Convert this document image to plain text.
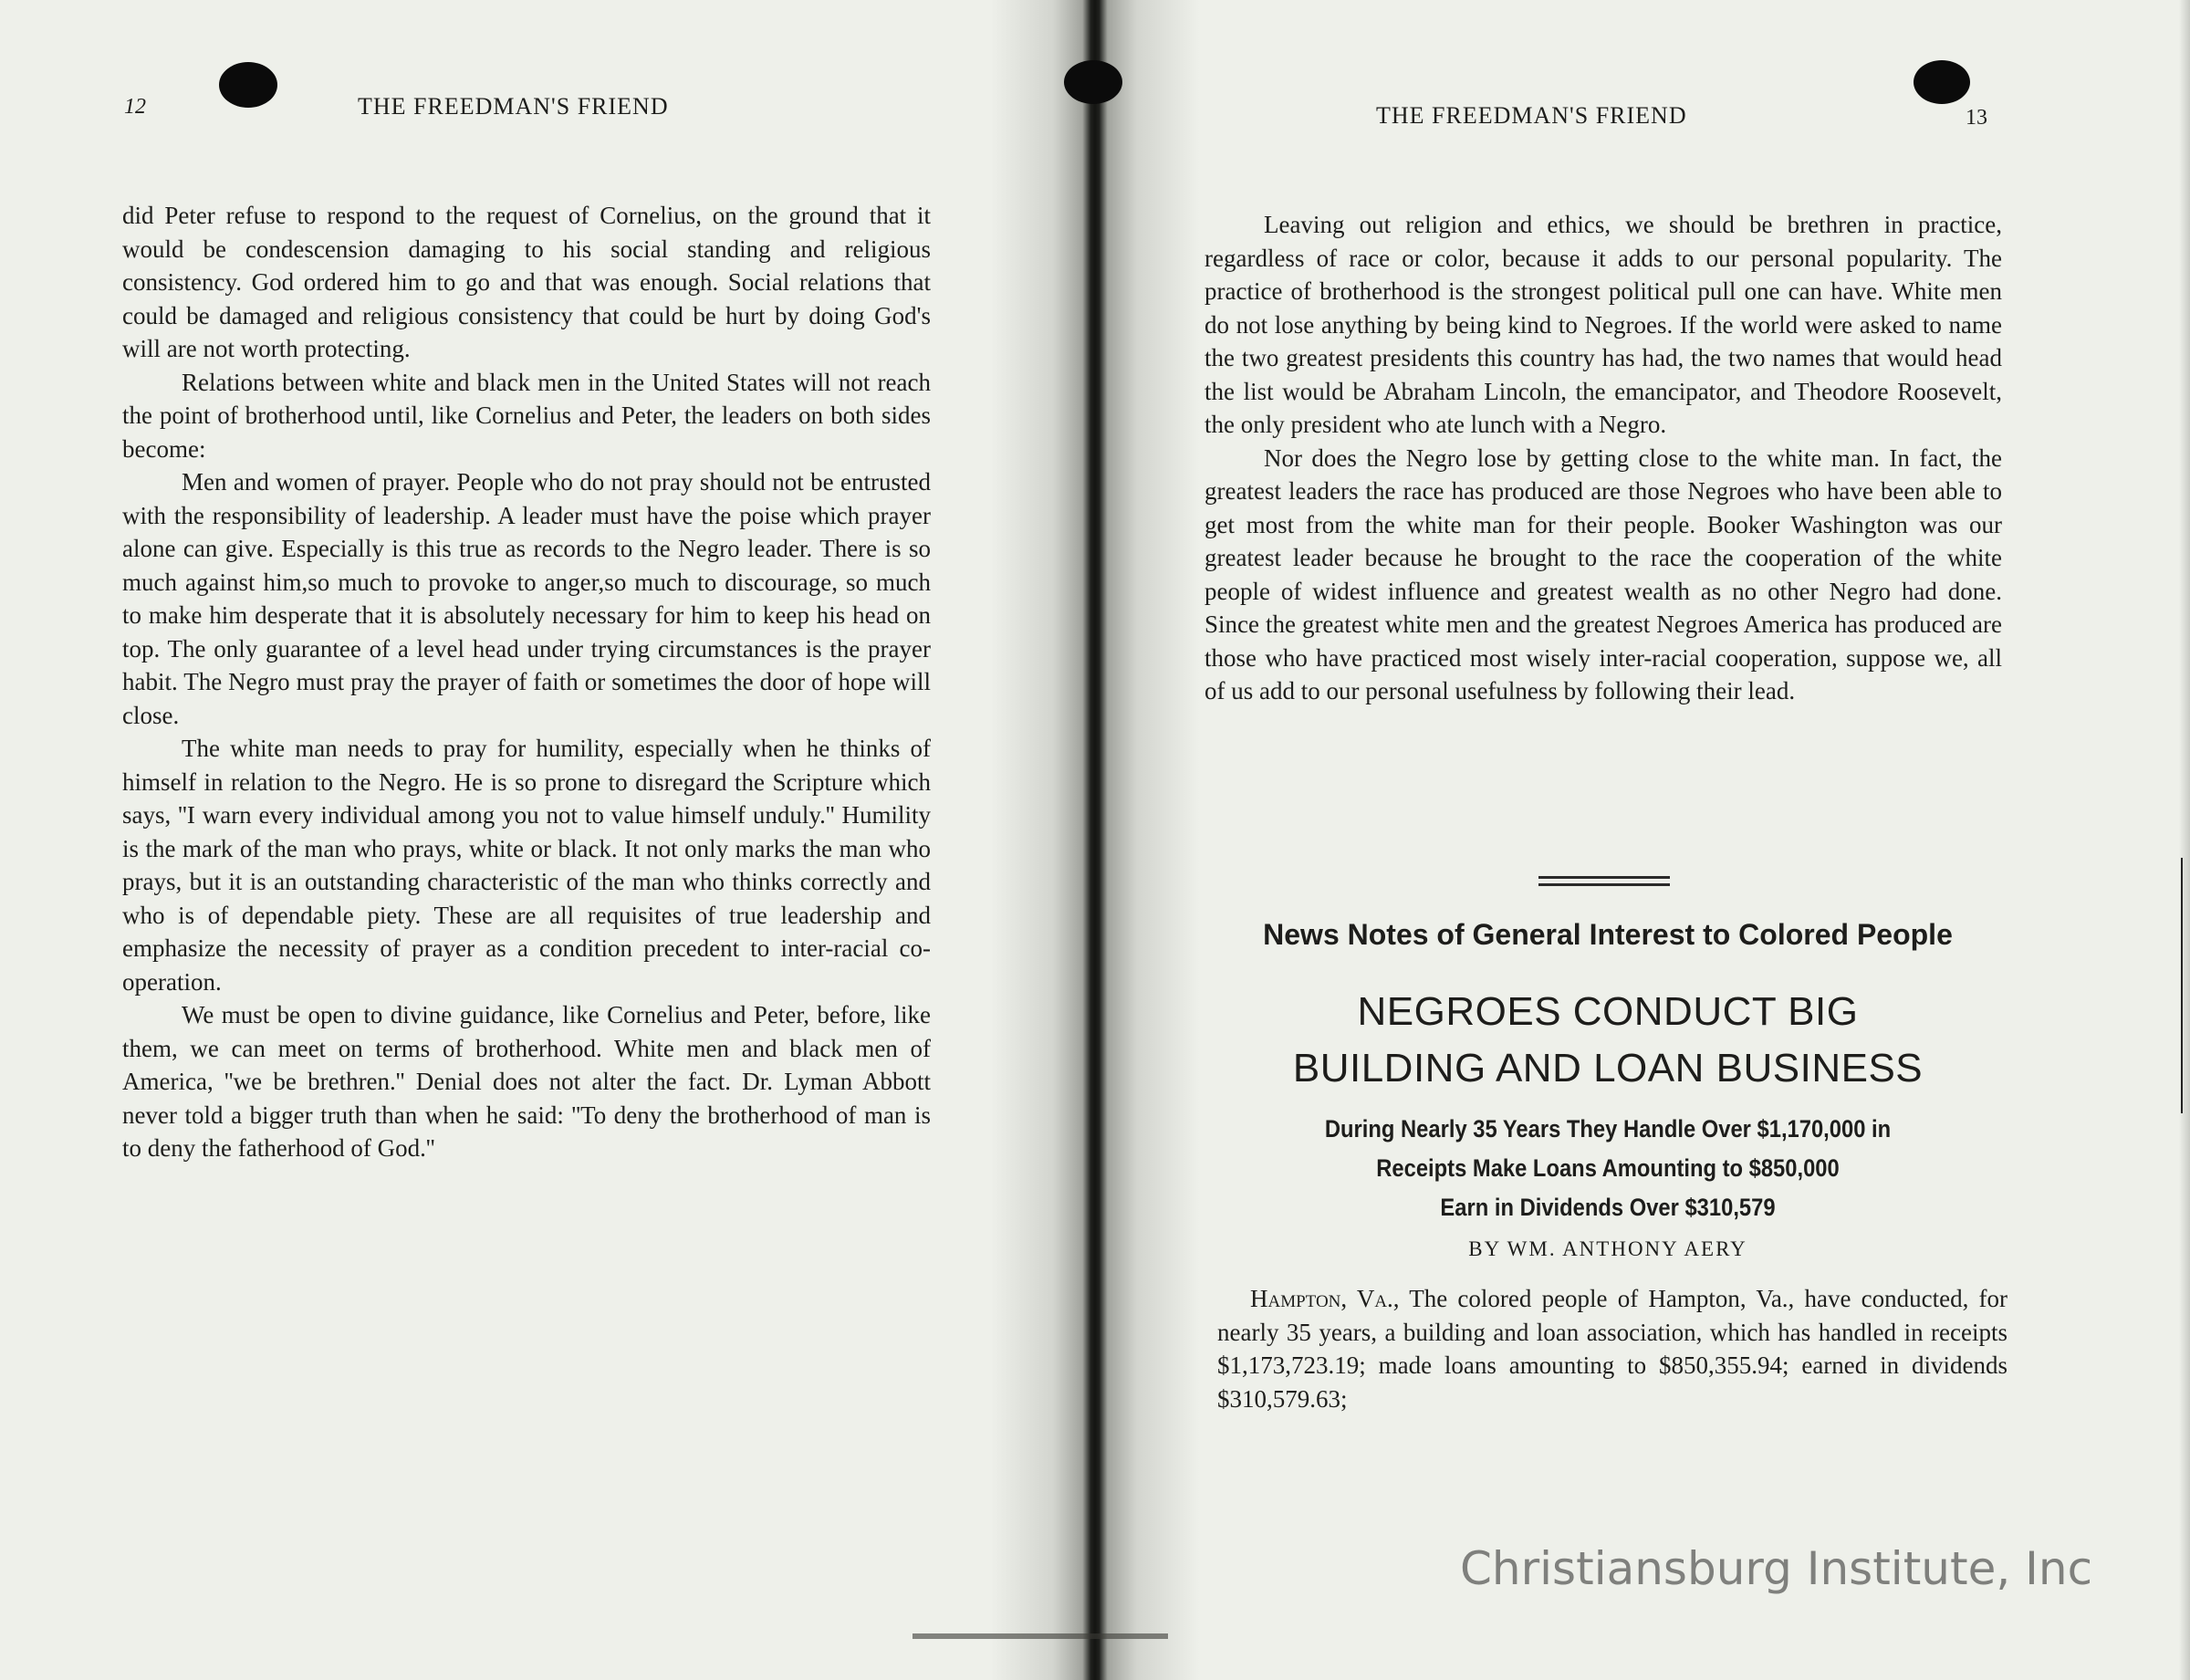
12	THE FREEDMAN'S FRIEND

did Peter refuse to respond to the request of Cornelius, on the ground that it would be condescension damaging to his social standing and religious consistency. God ordered him to go and that was enough. Social relations that could be damaged and religious consistency that could be hurt by doing God's will are not worth protecting.

Relations between white and black men in the United States will not reach the point of brotherhood until, like Cornelius and Peter, the leaders on both sides become:

Men and women of prayer. People who do not pray should not be entrusted with the responsibility of leadership. A leader must have the poise which prayer alone can give. Especially is this true as records to the Negro leader. There is so much against him,so much to provoke to anger,so much to discourage, so much to make him desperate that it is absolutely necessary for him to keep his head on top. The only guarantee of a level head under trying circumstances is the prayer habit. The Negro must pray the prayer of faith or sometimes the door of hope will close.

The white man needs to pray for humility, especially when he thinks of himself in relation to the Negro. He is so prone to disregard the Scripture which says, ''I warn every individual among you not to value himself unduly.'' Humility is the mark of the man who prays, white or black. It not only marks the man who prays, but it is an outstanding characteristic of the man who thinks correctly and who is of dependable piety. These are all requisites of true leadership and emphasize the necessity of prayer as a condition precedent to inter-racial cooperation.

We must be open to divine guidance, like Cornelius and Peter, before, like them, we can meet on terms of brotherhood. White men and black men of America, ''we be brethren.'' Denial does not alter the fact. Dr. Lyman Abbott never told a bigger truth than when he said: ''To deny the brotherhood of man is to deny the fatherhood of God.''

THE FREEDMAN'S FRIEND	13

Leaving out religion and ethics, we should be brethren in practice, regardless of race or color, because it adds to our personal popularity. The practice of brotherhood is the strongest political pull one can have. White men do not lose anything by being kind to Negroes. If the world were asked to name the two greatest presidents this country has had, the two names that would head the list would be Abraham Lincoln, the emancipator, and Theodore Roosevelt, the only president who ate lunch with a Negro.

Nor does the Negro lose by getting close to the white man. In fact, the greatest leaders the race has produced are those Negroes who have been able to get most from the white man for their people. Booker Washington was our greatest leader because he brought to the race the cooperation of the white people of widest influence and greatest wealth as no other Negro had done. Since the greatest white men and the greatest Negroes America has produced are those who have practiced most wisely inter-racial cooperation, suppose we, all of us add to our personal usefulness by following their lead.

News Notes of General Interest to Colored People
NEGROES CONDUCT BIG
BUILDING AND LOAN BUSINESS
During Nearly 35 Years They Handle Over $1,170,000 in
Receipts Make Loans Amounting to $850,000
Earn in Dividends Over $310,579
BY WM. ANTHONY AERY

Hampton, Va., The colored people of Hampton, Va., have conducted, for nearly 35 years, a building and loan association, which has handled in receipts $1,173,723.19; made loans amounting to $850,355.94; earned in dividends $310,579.63;

Christiansburg Institute, Inc
